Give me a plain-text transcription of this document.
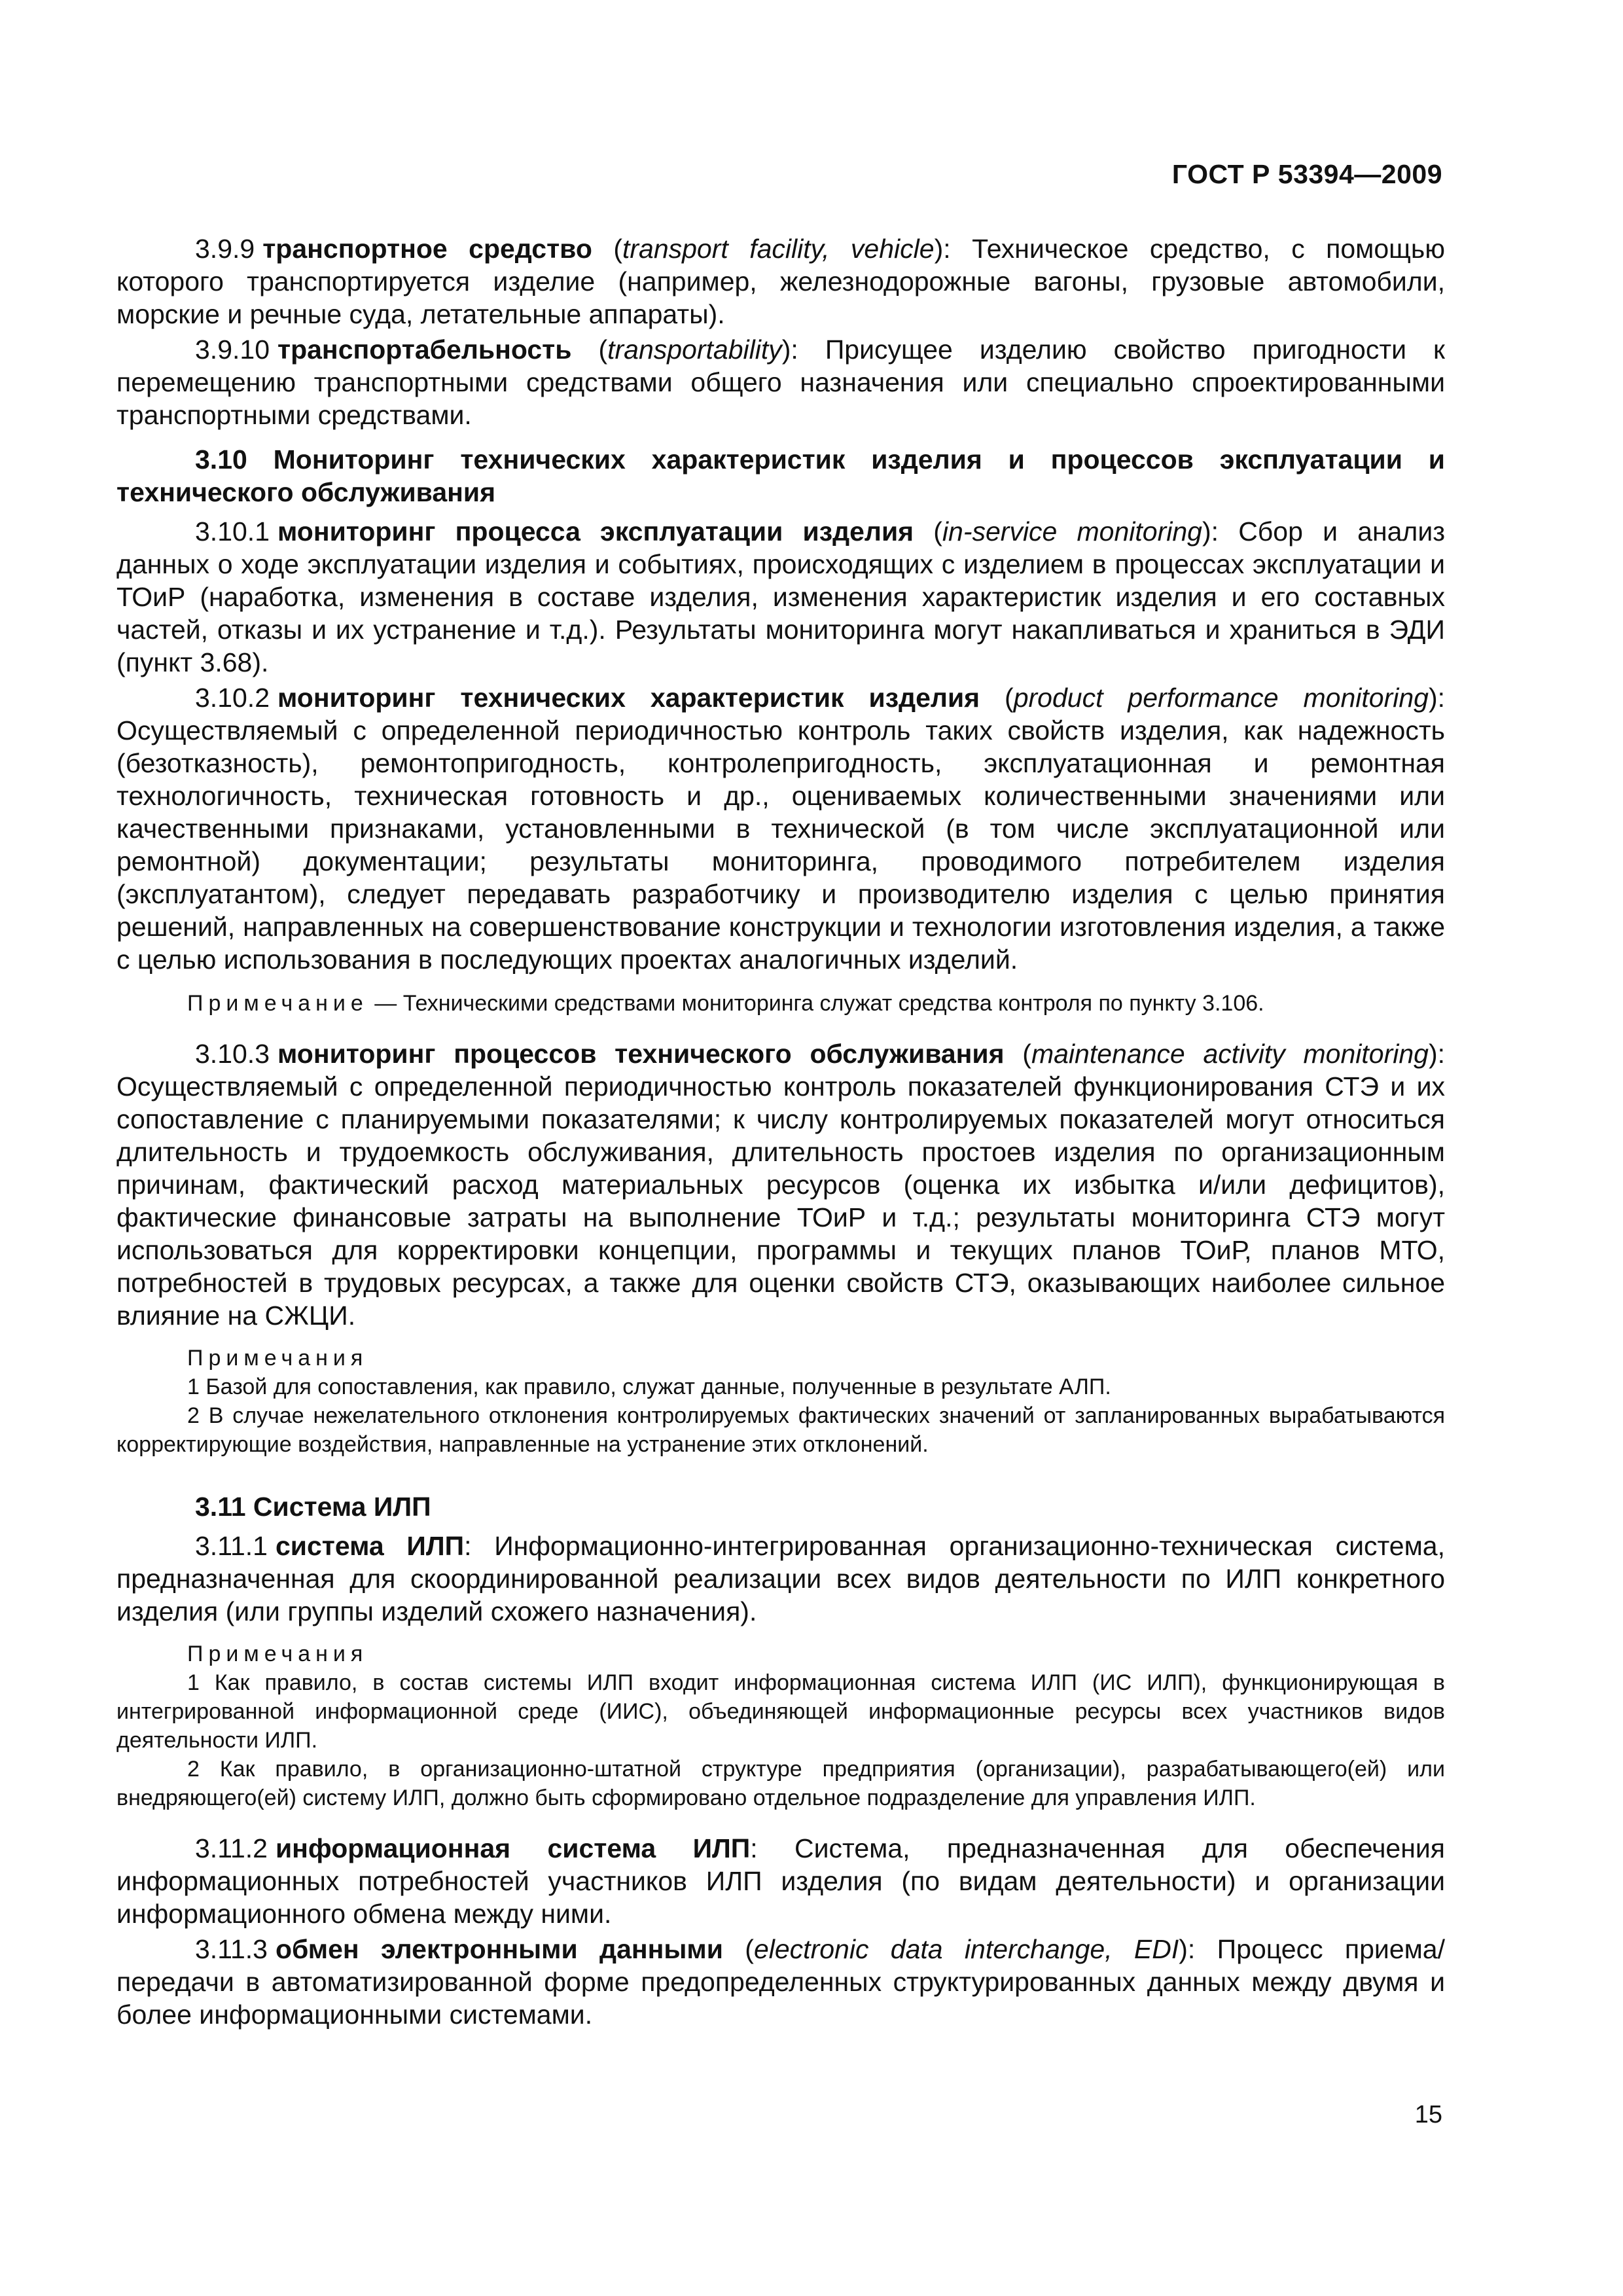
ГОСТ Р 53394—2009

3.9.9 транспортное средство (transport facility, vehicle): Техническое средство, с помощью которого транспортируется изделие (например, железнодорожные вагоны, грузовые автомобили, морские и речные суда, летательные аппараты).

3.9.10 транспортабельность (transportability): Присущее изделию свойство пригодности к перемещению транспортными средствами общего назначения или специально спроектированными транспортными средствами.

3.10 Мониторинг технических характеристик изделия и процессов эксплуатации и технического обслуживания

3.10.1 мониторинг процесса эксплуатации изделия (in-service monitoring): Сбор и анализ данных о ходе эксплуатации изделия и событиях, происходящих с изделием в процессах эксплуатации и ТОиР (наработка, изменения в составе изделия, изменения характеристик изделия и его составных частей, отказы и их устранение и т.д.). Результаты мониторинга могут накапливаться и храниться в ЭДИ (пункт 3.68).

3.10.2 мониторинг технических характеристик изделия (product performance monitoring): Осуществляемый с определенной периодичностью контроль таких свойств изделия, как надежность (безотказность), ремонтопригодность, контролепригодность, эксплуатационная и ремонтная технологичность, техническая готовность и др., оцениваемых количественными значениями или качественными признаками, установленными в технической (в том числе эксплуатационной или ремонтной) документации; результаты мониторинга, проводимого потребителем изделия (эксплуатантом), следует передавать разработчику и производителю изделия с целью принятия решений, направленных на совершенствование конструкции и технологии изготовления изделия, а также с целью использования в последующих проектах аналогичных изделий.

Примечание — Техническими средствами мониторинга служат средства контроля по пункту 3.106.

3.10.3 мониторинг процессов технического обслуживания (maintenance activity monitoring): Осуществляемый с определенной периодичностью контроль показателей функционирования СТЭ и их сопоставление с планируемыми показателями; к числу контролируемых показателей могут относиться длительность и трудоемкость обслуживания, длительность простоев изделия по организационным причинам, фактический расход материальных ресурсов (оценка их избытка и/или дефицитов), фактические финансовые затраты на выполнение ТОиР и т.д.; результаты мониторинга СТЭ могут использоваться для корректировки концепции, программы и текущих планов ТОиР, планов МТО, потребностей в трудовых ресурсах, а также для оценки свойств СТЭ, оказывающих наиболее сильное влияние на СЖЦИ.

Примечания

1 Базой для сопоставления, как правило, служат данные, полученные в результате АЛП.

2 В случае нежелательного отклонения контролируемых фактических значений от запланированных вырабатываются корректирующие воздействия, направленные на устранение этих отклонений.

3.11 Система ИЛП

3.11.1 система ИЛП: Информационно-интегрированная организационно-техническая система, предназначенная для скоординированной реализации всех видов деятельности по ИЛП конкретного изделия (или группы изделий схожего назначения).

Примечания

1 Как правило, в состав системы ИЛП входит информационная система ИЛП (ИС ИЛП), функционирующая в интегрированной информационной среде (ИИС), объединяющей информационные ресурсы всех участников видов деятельности ИЛП.

2 Как правило, в организационно-штатной структуре предприятия (организации), разрабатывающего(ей) или внедряющего(ей) систему ИЛП, должно быть сформировано отдельное подразделение для управления ИЛП.

3.11.2 информационная система ИЛП: Система, предназначенная для обеспечения информационных потребностей участников ИЛП изделия (по видам деятельности) и организации информационного обмена между ними.

3.11.3 обмен электронными данными (electronic data interchange, EDI): Процесс приема/передачи в автоматизированной форме предопределенных структурированных данных между двумя и более информационными системами.

15
